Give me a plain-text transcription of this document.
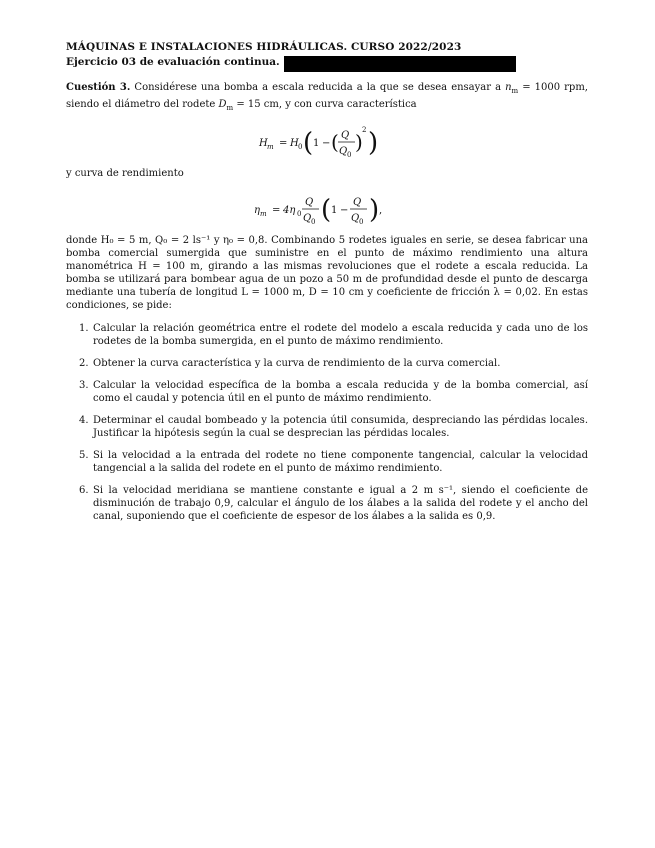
MÁQUINAS E INSTALACIONES HIDRÁULICAS. CURSO 2022/2023
Ejercicio 03 de evaluación continua.

Cuestión 3. Considérese una bomba a escala reducida a la que se desea ensayar a $n_m = 1000$ rpm, siendo el diámetro del rodete $D_m = 15$ cm, y con curva característica

H m = H 0 ( 1 − ( Q
Q 0
) 2 )

y curva de rendimiento

η m = 4η 0
Q
Q 0 ( 1 −
Q
Q 0 ) ,

donde H₀ = 5 m, Q₀ = 2 ls⁻¹ y η₀ = 0,8. Combinando 5 rodetes iguales en serie, se desea fabricar una bomba comercial sumergida que suministre en el punto de máximo rendimiento una altura manométrica H = 100 m, girando a las mismas revoluciones que el rodete a escala reducida. La bomba se utilizará para bombear agua de un pozo a 50 m de profundidad desde el punto de descarga mediante una tubería de longitud L = 1000 m, D = 10 cm y coeficiente de fricción λ = 0,02. En estas condiciones, se pide:

1. Calcular la relación geométrica entre el rodete del modelo a escala reducida y cada uno de los rodetes de la bomba sumergida, en el punto de máximo rendimiento.
2. Obtener la curva característica y la curva de rendimiento de la curva comercial.
3. Calcular la velocidad específica de la bomba a escala reducida y de la bomba comercial, así como el caudal y potencia útil en el punto de máximo rendimiento.
4. Determinar el caudal bombeado y la potencia útil consumida, despreciando las pérdidas locales. Justificar la hipótesis según la cual se desprecian las pérdidas locales.
5. Si la velocidad a la entrada del rodete no tiene componente tangencial, calcular la velocidad tangencial a la salida del rodete en el punto de máximo rendimiento.
6. Si la velocidad meridiana se mantiene constante e igual a 2 m s⁻¹, siendo el coeficiente de disminución de trabajo 0,9, calcular el ángulo de los álabes a la salida del rodete y el ancho del canal, suponiendo que el coeficiente de espesor de los álabes a la salida es 0,9.
